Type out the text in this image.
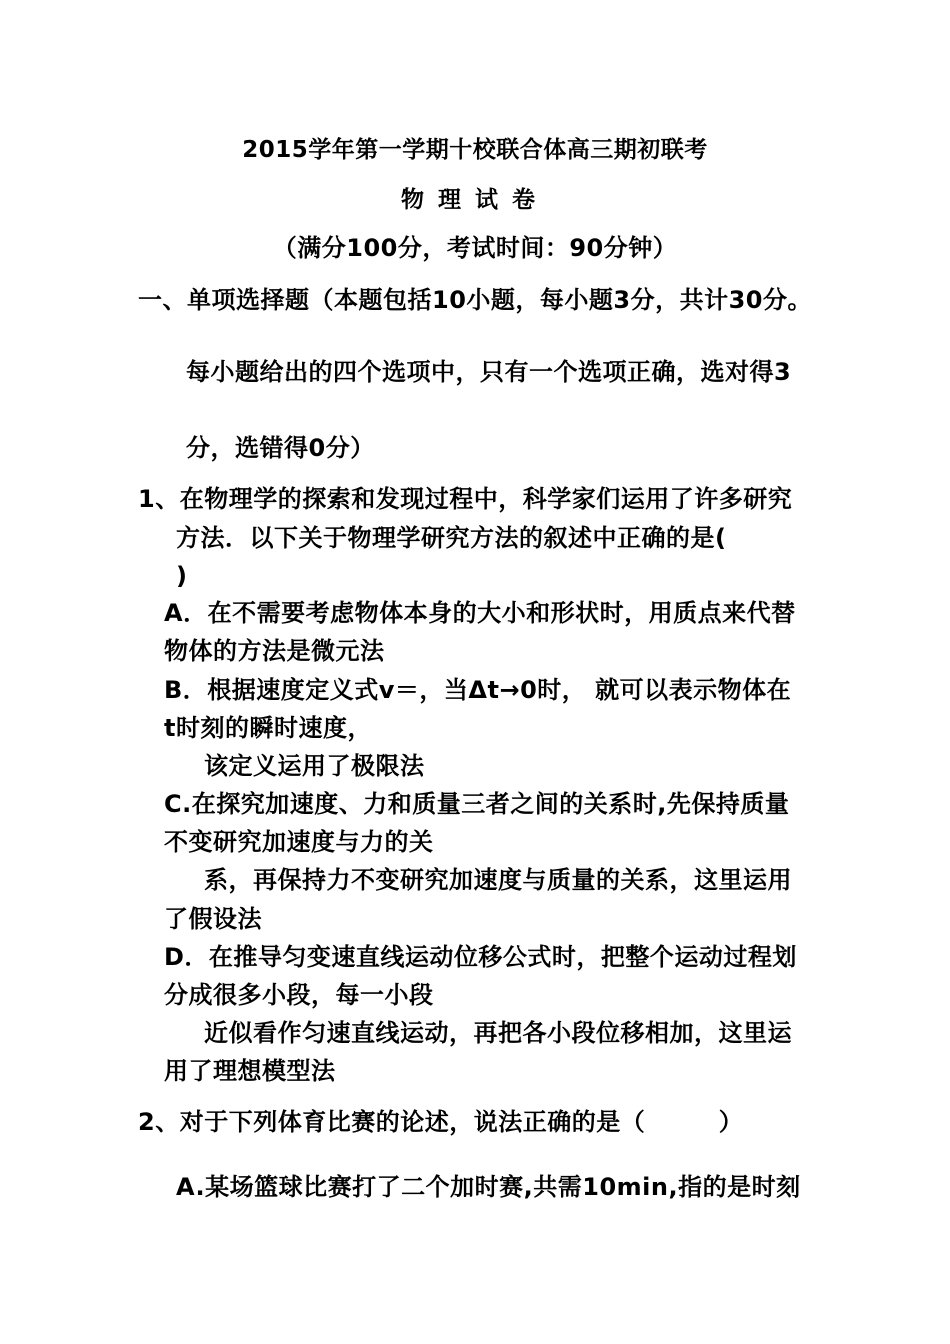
2015学年第一学期十校联合体高三期初联考
物理试卷
（满分100分，考试时间：90分钟）
一、单项选择题（本题包括10小题，每小题3分，共计30分。
每小题给出的四个选项中，只有一个选项正确，选对得3
分，选错得0分）
1、在物理学的探索和发现过程中，科学家们运用了许多研究
方法．以下关于物理学研究方法的叙述中正确的是(
)
A．在不需要考虑物体本身的大小和形状时，用质点来代替
物体的方法是微元法
B．根据速度定义式v＝，当Δt→0时， 就可以表示物体在
t时刻的瞬时速度，
该定义运用了极限法
C.在探究加速度、力和质量三者之间的关系时,先保持质量
不变研究加速度与力的关
系，再保持力不变研究加速度与质量的关系，这里运用
了假设法
D．在推导匀变速直线运动位移公式时，把整个运动过程划
分成很多小段，每一小段
近似看作匀速直线运动，再把各小段位移相加，这里运
用了理想模型法
2、对于下列体育比赛的论述，说法正确的是（　　　）
A.某场篮球比赛打了二个加时赛,共需10min,指的是时刻
